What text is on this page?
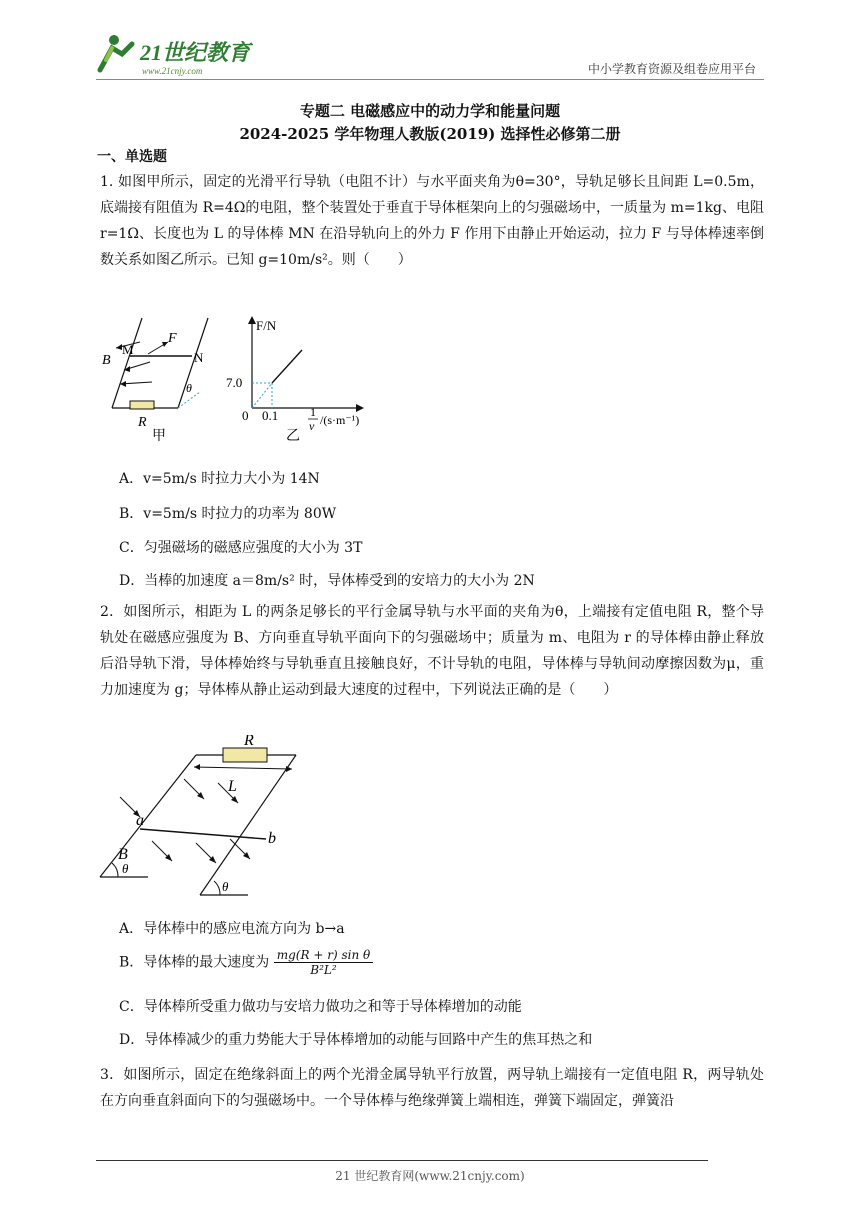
21世纪教育
www.21cnjy.com	中小学教育资源及组卷应用平台
专题二 电磁感应中的动力学和能量问题
2024-2025 学年物理人教版(2019) 选择性必修第二册
一、单选题
1. 如图甲所示，固定的光滑平行导轨（电阻不计）与水平面夹角为θ=30°，导轨足够长且间距 L=0.5m，底端接有阻值为 R=4Ω的电阻，整个装置处于垂直于导体框架向上的匀强磁场中，一质量为 m=1kg、电阻 r=1Ω、长度也为 L 的导体棒 MN 在沿导轨向上的外力 F 作用下由静止开始运动，拉力 F 与导体棒速率倒数关系如图乙所示。已知 g=10m/s²。则（　　）
M
N
F
B
θ
R
甲
F/N
7.0
0 0.1	1
v /(s·m⁻¹)
乙
A．v=5m/s 时拉力大小为 14N
B．v=5m/s 时拉力的功率为 80W
C．匀强磁场的磁感应强度的大小为 3T
D．当棒的加速度 a＝8m/s² 时，导体棒受到的安培力的大小为 2N
2．如图所示，相距为 L 的两条足够长的平行金属导轨与水平面的夹角为θ，上端接有定值电阻 R，整个导轨处在磁感应强度为 B、方向垂直导轨平面向下的匀强磁场中；质量为 m、电阻为 r 的导体棒由静止释放后沿导轨下滑，导体棒始终与导轨垂直且接触良好，不计导轨的电阻，导体棒与导轨间动摩擦因数为μ，重力加速度为 g；导体棒从静止运动到最大速度的过程中，下列说法正确的是（　　）
R
L
a
b
B
θ
θ
A．导体棒中的感应电流方向为 b→a
B．导体棒的最大速度为 $\frac{\text{mg(R + r) sin θ}}{\text{B²L²}}$
C．导体棒所受重力做功与安培力做功之和等于导体棒增加的动能
D．导体棒减少的重力势能大于导体棒增加的动能与回路中产生的焦耳热之和
3．如图所示，固定在绝缘斜面上的两个光滑金属导轨平行放置，两导轨上端接有一定值电阻 R，两导轨处在方向垂直斜面向下的匀强磁场中。一个导体棒与绝缘弹簧上端相连，弹簧下端固定，弹簧沿
21 世纪教育网(www.21cnjy.com)
